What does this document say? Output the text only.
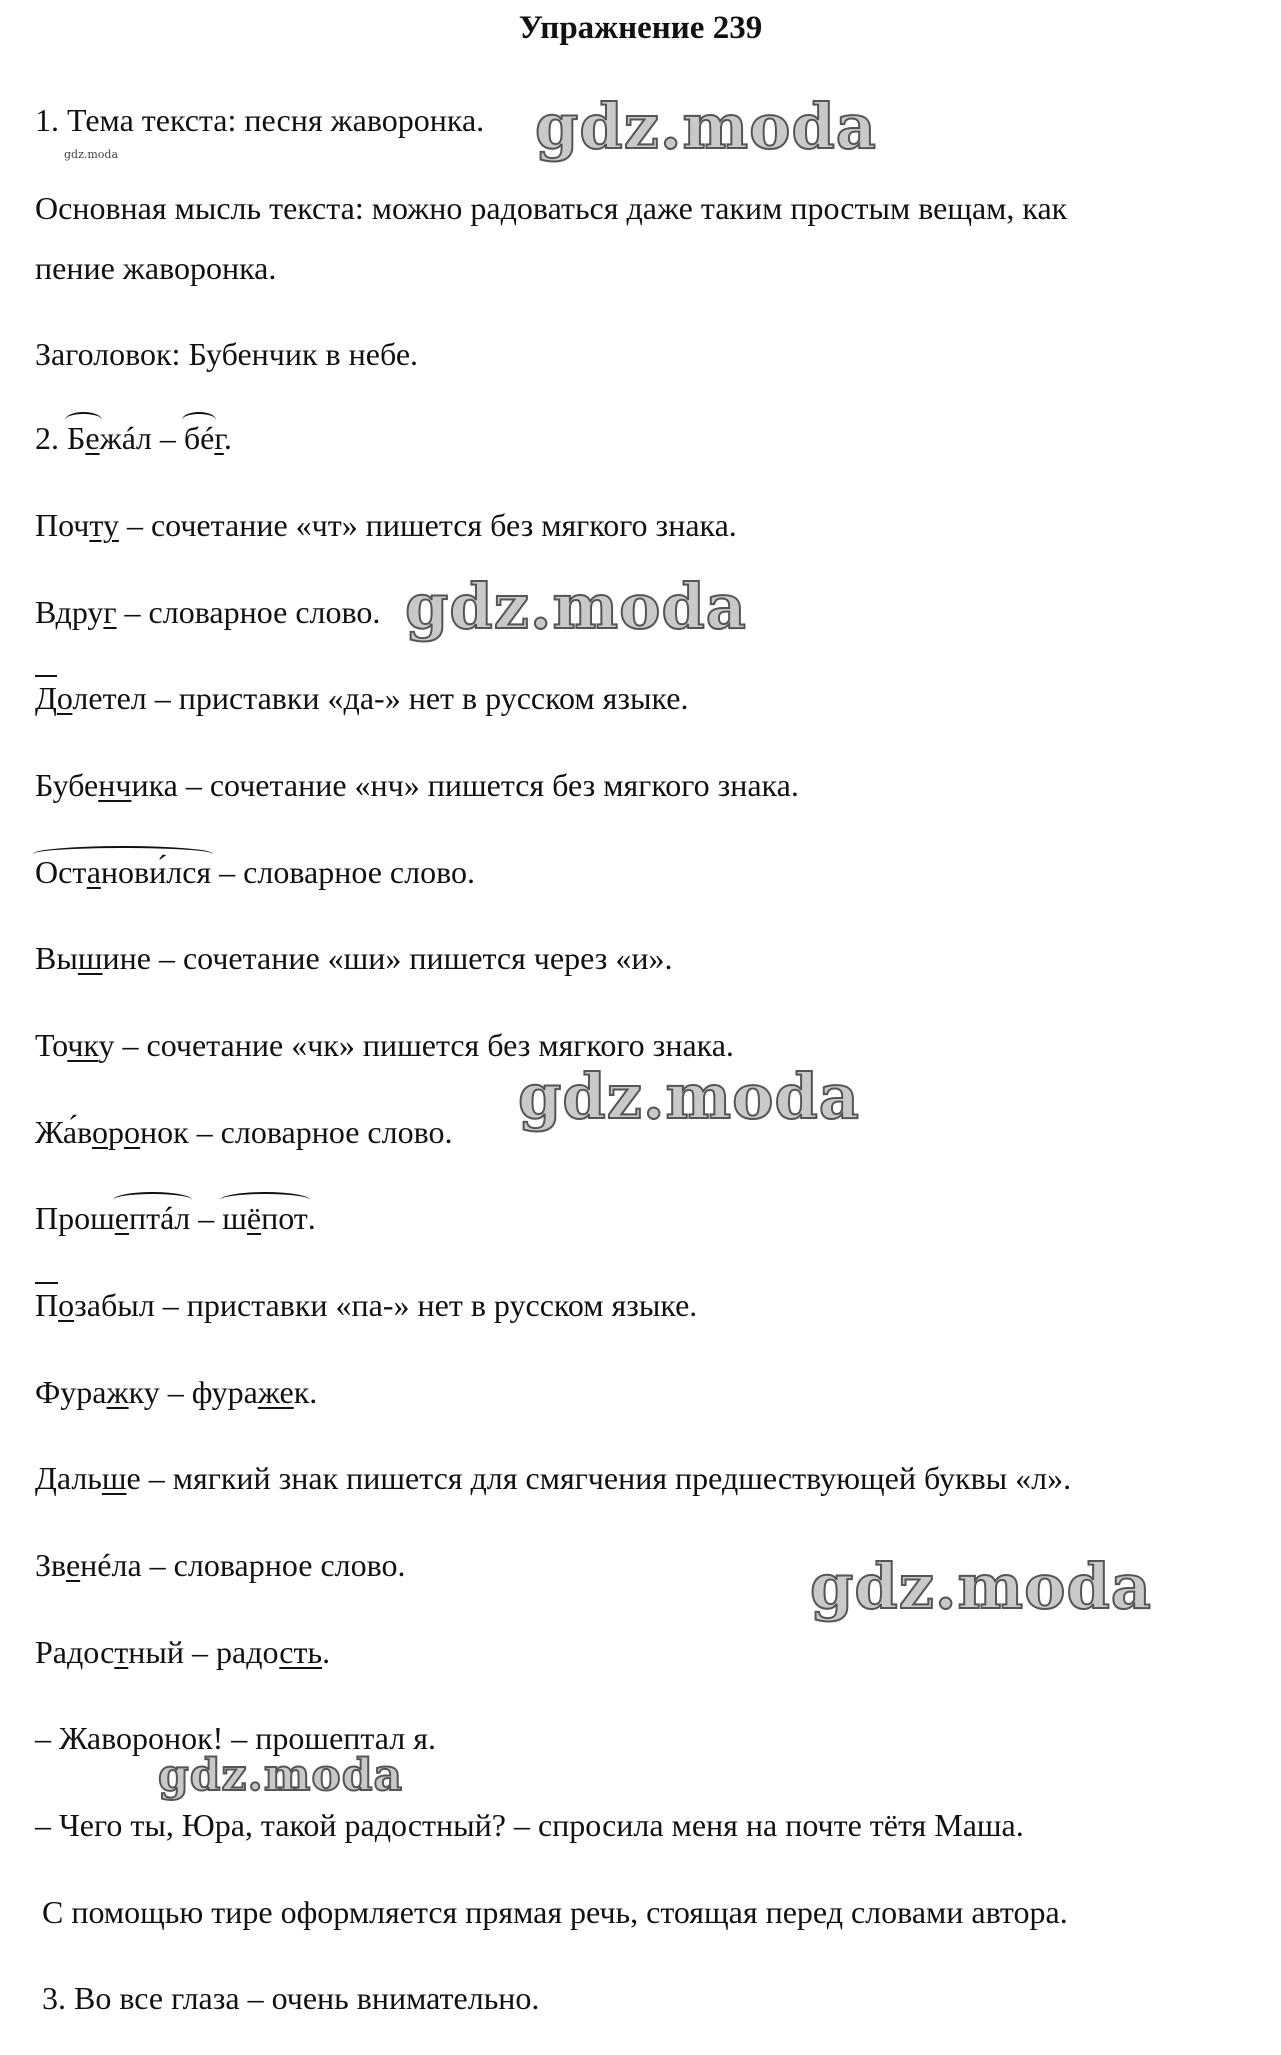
Упражнение 239
1. Тема текста: песня жаворонка.
Основная мысль текста: можно радоваться даже таким простым вещам, как
пение жаворонка.
Заголовок: Бубенчик в небе.
2. Бежáл – бéг.
Почту – сочетание «чт» пишется без мягкого знака.
Вдруг – словарное слово.
Долетел – приставки «да-» нет в русском языке.
Бубенчика – сочетание «нч» пишется без мягкого знака.
Останови́лся – словарное слово.
Вышине – сочетание «ши» пишется через «и».
Точку – сочетание «чк» пишется без мягкого знака.
Жа́воронок – словарное слово.
Прошептáл – шёпот.
Позабыл – приставки «па-» нет в русском языке.
Фуражку – фуражек.
Дальше – мягкий знак пишется для смягчения предшествующей буквы «л».
Звенéла – словарное слово.
Радостный – радость.
– Жаворонок! – прошептал я.
– Чего ты, Юра, такой радостный? – спросила меня на почте тётя Маша.
С помощью тире оформляется прямая речь, стоящая перед словами автора.
3. Во все глаза – очень внимательно.
gdz.moda
gdz.moda
gdz.moda
gdz.moda
gdz.moda
gdz.moda
